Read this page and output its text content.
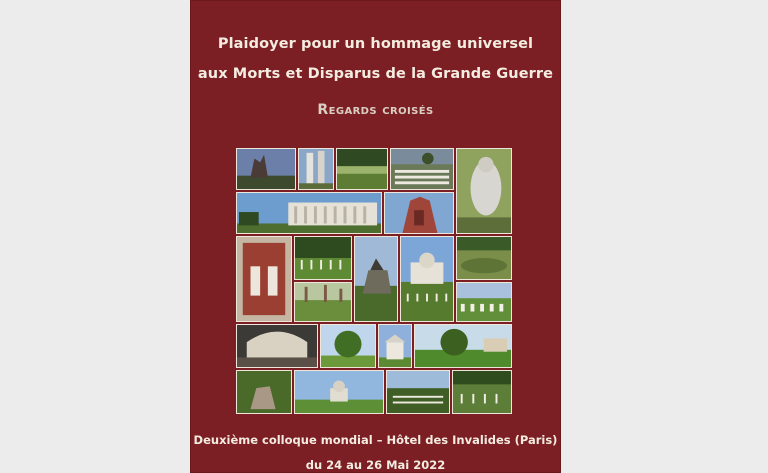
Plaidoyer pour un hommage universel
aux Morts et Disparus de la Grande Guerre
Regards croisés
Deuxième colloque mondial – Hôtel des Invalides (Paris)
du 24 au 26 Mai 2022
